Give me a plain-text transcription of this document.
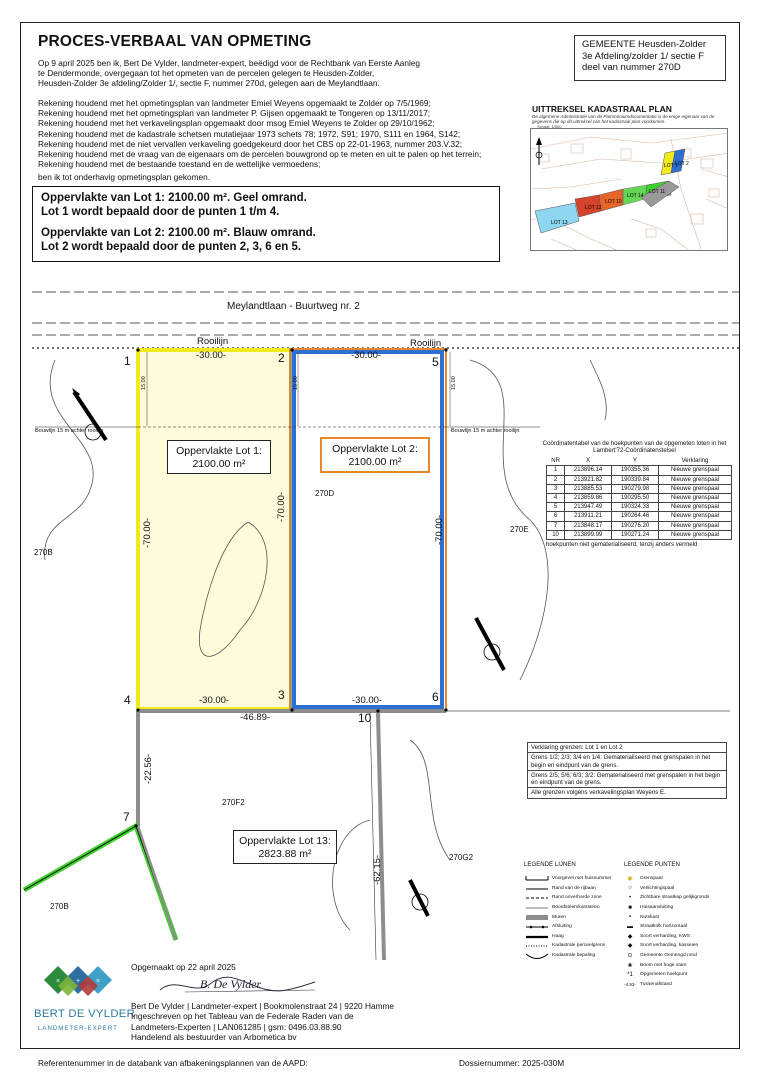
PROCES-VERBAAL VAN OPMETING
Op 9 april 2025 ben ik, Bert De Vylder, landmeter-expert, beëdigd voor de Rechtbank van Eerste Aanleg
te Dendermonde, overgegaan tot het opmeten van de percelen gelegen te Heusden-Zolder,
Heusden-Zolder 3e afdeling/Zolder 1/, sectie F, nummer 270d, gelegen aan de Meylandtlaan.
Rekening houdend met het opmetingsplan van landmeter Emiel Weyens opgemaakt te Zolder op 7/5/1969;
Rekening houdend met het opmetingsplan van landmeter P. Gijsen opgemaakt te Tongeren op 13/11/2017;
Rekening houdend met het verkavelingsplan opgemaakt door msog Emiel Weyens te Zolder op 29/10/1962;
Rekening houdend met de kadastrale schetsen mutatiejaar 1973 schets 78; 1972, S91; 1970, S111 en 1964, S142;
Rekening houdend met de niet vervallen verkaveling goedgekeurd door het CBS op 22-01-1963, nummer 203.V.32;
Rekening houdend met de vraag van de eigenaars om de percelen bouwgrond op te meten en uit te palen op het terrein;
Rekening houdend met de bestaande toestand en de wettelijke vermoedens;
ben ik tot onderhavig opmetingsplan gekomen.

Oppervlakte van Lot 1: 2100.00 m². Geel omrand.

Lot 1 wordt bepaald door de punten 1 t/m 4.

Oppervlakte van Lot 2: 2100.00 m². Blauw omrand.

Lot 2 wordt bepaald door de punten 2, 3, 6 en 5.

GEMEENTE Heusden-Zolder
3e Afdeling/zolder 1/ sectie F
deel van nummer 270D
UITTREKSEL KADASTRAAL PLAN
De algemene Administratie van de Patrimoniumdocumentatie is de enige eigenaar van de gegevens die op dit uittreksel van het kadastraal plan voorkomen.
Schaal: 1/500
LOT 13
LOT 12
LOT 10
LOT 14
LOT 1
LOT 2
LOT 11
Meylandtlaan - Buurtweg nr. 2
Rooilijn	Rooilijn
Bouwlijn 15 m achter rooilijn	Bouwlijn 15 m achter rooilijn
15.00	15.00	15.00
-30.00-	-30.00-
-30.00-	-30.00-
-70.00-
-70.00-
-70.00-
-46.89-
-22.56-
-62.15-
Oppervlakte Lot 1:
2100.00 m²
Oppervlakte Lot 2:
2100.00 m²
Oppervlakte Lot 13:
2823.88 m²
270B
270D
270E
270F2
270G2
270B
1	2
3
4
5
6
7
10
Coördinatentabel van de hoekpunten van de opgemeten loten in het Lambert'72-Coördinatenstelsel
NR	X	Y	Verklaring
1	213896.14	190355.36	Nieuwe grenspaal
2	213921.82	190339.84	Nieuwe grenspaal
3	213885.53	190279.98	Nieuwe grenspaal
4	213859.86	190295.50	Nieuwe grenspaal
5	213947.49	190324.33	Nieuwe grenspaal
6	213911.21	190264.46	Nieuwe grenspaal
7	213848.17	190276.20	Nieuwe grenspaal
10	213899.99	190271.24	Nieuwe grenspaal
hoekpunten niet gematerialiseerd, tenzij anders vermeld
Verklaring grenzen: Lot 1 en Lot 2
Grens 1/2; 2/3; 3/4 en 1/4: Gematerialiseerd met grenspalen in het begin en eindpunt van de grens.
Grens 2/5; 5/6; 6/3; 3/2: Gematerialiseerd met grenspalen in het begin en eindpunt van de grens.
Alle grenzen volgens verkavelingsplan Weyens E.
LEGENDE LIJNEN
Voorgevel met huisnummer
Rand van de rijbaan
Rand onverharde zone
Boordsteen/kantsteen
Muren
Afsluiting
Haag
Kadastrale perceelgrens
Kadastrale bepaling
LEGENDE PUNTEN
◉	Grenspaal
○	Verlichtingspaal
•	Zichtbare straatkap gelijkgronds
■	Huisaansluiting
▪	Nutskast
▬	Straatkolk horizontaal
◆	Soort verharding, KWS
◆	Soort verharding, kasseien
⊙	Gemeente Gemengd rond
❀	Boom met hoge stam
*1	Opgemeten hoekpunt
-4.93- Tussenafstand
× + ×
BERT DE VYLDER
LANDMETER-EXPERT
Opgemaakt op 22 april 2025
B. De Vylder
Bert De Vylder | Landmeter-expert | Bookmolenstraat 24 | 9220 Hamme
Ingeschreven op het Tableau van de Federale Raden van de
Landmeters-Experten | LAN061285 | gsm: 0496.03.88.90
Handelend als bestuurder van Arbometica bv
Referentenummer in de databank van afbakeningsplannen van de AAPD:	Dossiernummer: 2025-030M
